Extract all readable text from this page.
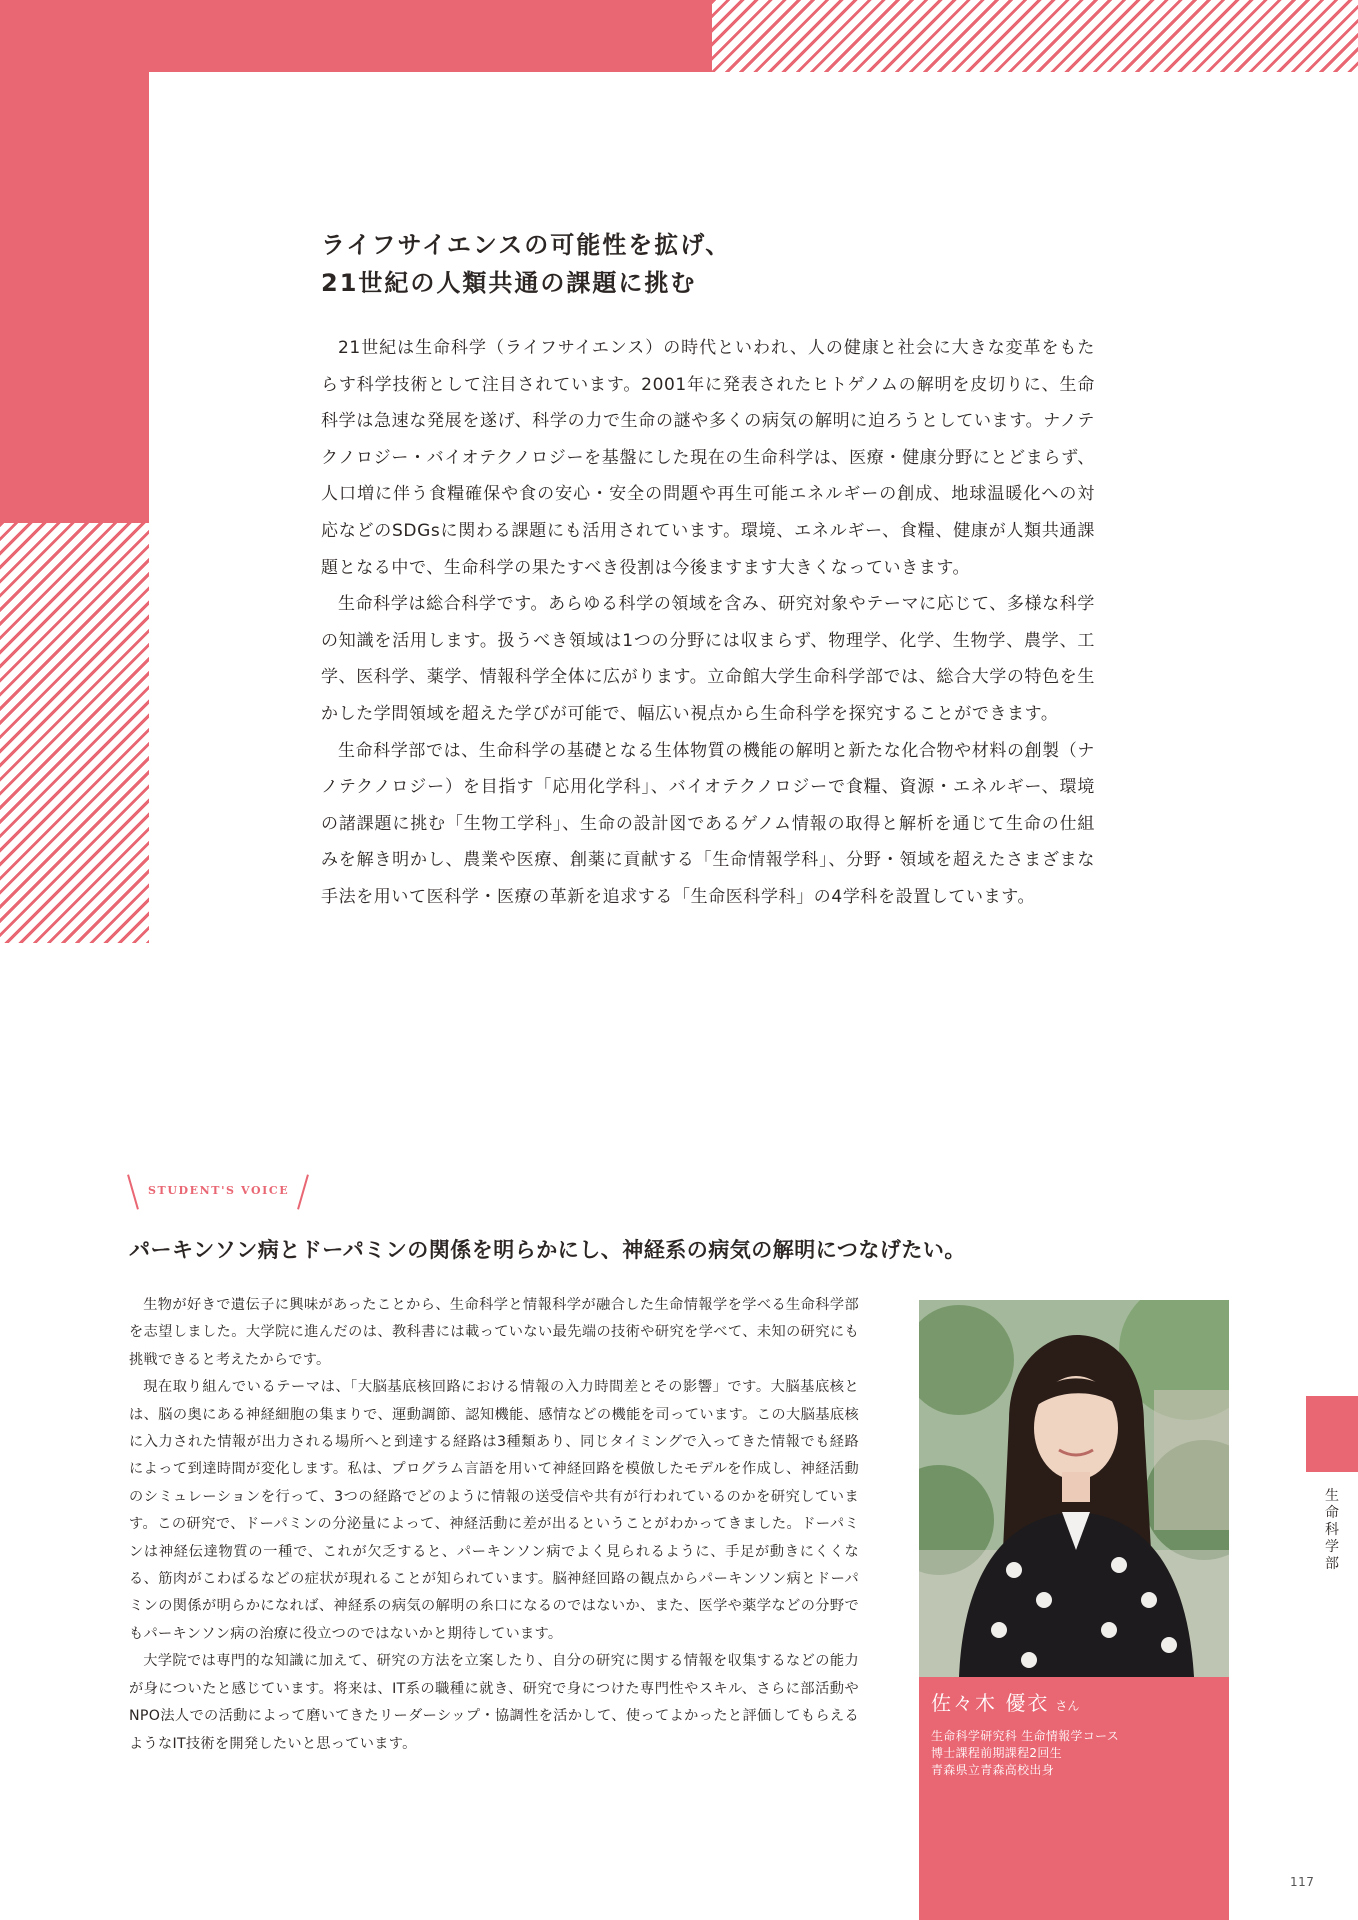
ライフサイエンスの可能性を拡げ、
21世紀の人類共通の課題に挑む

21世紀は生命科学（ライフサイエンス）の時代といわれ、人の健康と社会に大きな変革をもたらす科学技術として注目されています。2001年に発表されたヒトゲノムの解明を皮切りに、生命科学は急速な発展を遂げ、科学の力で生命の謎や多くの病気の解明に迫ろうとしています。ナノテクノロジー・バイオテクノロジーを基盤にした現在の生命科学は、医療・健康分野にとどまらず、人口増に伴う食糧確保や食の安心・安全の問題や再生可能エネルギーの創成、地球温暖化への対応などのSDGsに関わる課題にも活用されています。環境、エネルギー、食糧、健康が人類共通課題となる中で、生命科学の果たすべき役割は今後ますます大きくなっていきます。

生命科学は総合科学です。あらゆる科学の領域を含み、研究対象やテーマに応じて、多様な科学の知識を活用します。扱うべき領域は1つの分野には収まらず、物理学、化学、生物学、農学、工学、医科学、薬学、情報科学全体に広がります。立命館大学生命科学部では、総合大学の特色を生かした学問領域を超えた学びが可能で、幅広い視点から生命科学を探究することができます。

生命科学部では、生命科学の基礎となる生体物質の機能の解明と新たな化合物や材料の創製（ナノテクノロジー）を目指す「応用化学科」、バイオテクノロジーで食糧、資源・エネルギー、環境の諸課題に挑む「生物工学科」、生命の設計図であるゲノム情報の取得と解析を通じて生命の仕組みを解き明かし、農業や医療、創薬に貢献する「生命情報学科」、分野・領域を超えたさまざまな手法を用いて医科学・医療の革新を追求する「生命医科学科」の4学科を設置しています。

STUDENT'S VOICE
パーキンソン病とドーパミンの関係を明らかにし、神経系の病気の解明につなげたい。

生物が好きで遺伝子に興味があったことから、生命科学と情報科学が融合した生命情報学を学べる生命科学部を志望しました。大学院に進んだのは、教科書には載っていない最先端の技術や研究を学べて、未知の研究にも挑戦できると考えたからです。

現在取り組んでいるテーマは、「大脳基底核回路における情報の入力時間差とその影響」です。大脳基底核とは、脳の奥にある神経細胞の集まりで、運動調節、認知機能、感情などの機能を司っています。この大脳基底核に入力された情報が出力される場所へと到達する経路は3種類あり、同じタイミングで入ってきた情報でも経路によって到達時間が変化します。私は、プログラム言語を用いて神経回路を模倣したモデルを作成し、神経活動のシミュレーションを行って、3つの経路でどのように情報の送受信や共有が行われているのかを研究しています。この研究で、ドーパミンの分泌量によって、神経活動に差が出るということがわかってきました。ドーパミンは神経伝達物質の一種で、これが欠乏すると、パーキンソン病でよく見られるように、手足が動きにくくなる、筋肉がこわばるなどの症状が現れることが知られています。脳神経回路の観点からパーキンソン病とドーパミンの関係が明らかになれば、神経系の病気の解明の糸口になるのではないか、また、医学や薬学などの分野でもパーキンソン病の治療に役立つのではないかと期待しています。

大学院では専門的な知識に加えて、研究の方法を立案したり、自分の研究に関する情報を収集するなどの能力が身についたと感じています。将来は、IT系の職種に就き、研究で身につけた専門性やスキル、さらに部活動やNPO法人での活動によって磨いてきたリーダーシップ・協調性を活かして、使ってよかったと評価してもらえるようなIT技術を開発したいと思っています。

佐々木 優衣 さん
生命科学研究科 生命情報学コース
博士課程前期課程2回生
青森県立青森高校出身
生
命
科
学
部
117
